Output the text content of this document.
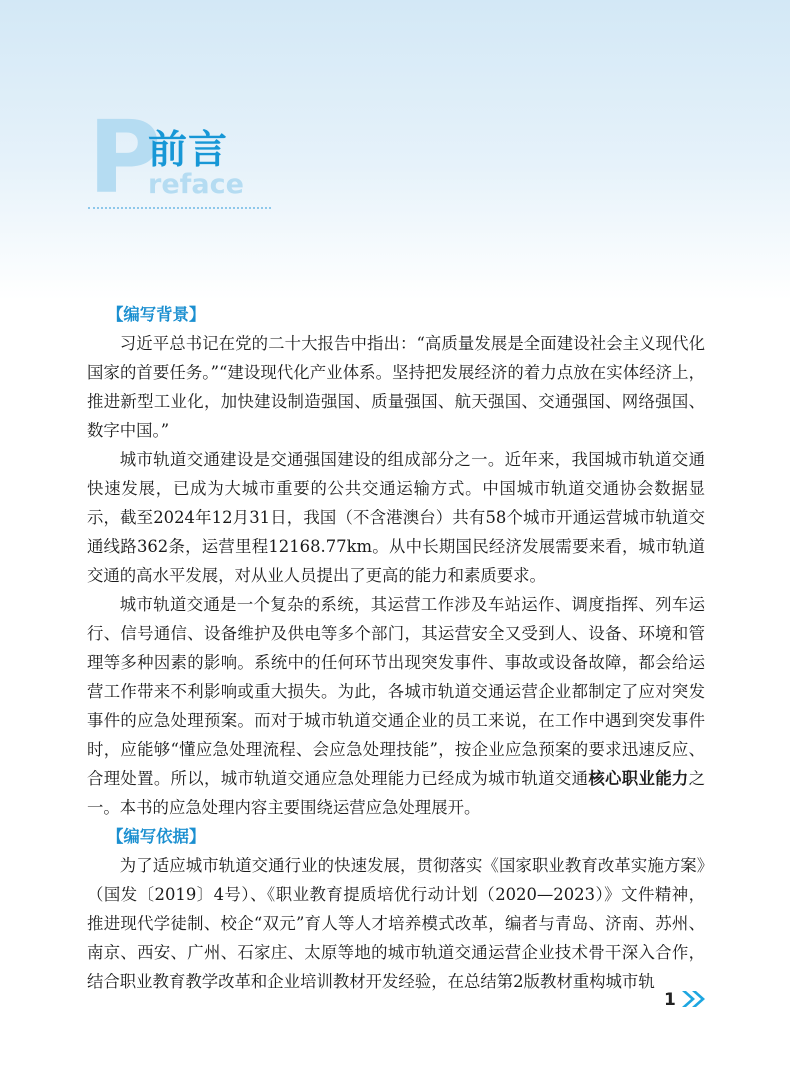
P
前言
reface
【编写背景】

习近平总书记在党的二十大报告中指出：“高质量发展是全面建设社会主义现代化国家的首要任务。”“建设现代化产业体系。坚持把发展经济的着力点放在实体经济上，推进新型工业化，加快建设制造强国、质量强国、航天强国、交通强国、网络强国、数字中国。”

城市轨道交通建设是交通强国建设的组成部分之一。近年来，我国城市轨道交通快速发展，已成为大城市重要的公共交通运输方式。中国城市轨道交通协会数据显示，截至2024年12月31日，我国（不含港澳台）共有58个城市开通运营城市轨道交通线路362条，运营里程12168.77km。从中长期国民经济发展需要来看，城市轨道交通的高水平发展，对从业人员提出了更高的能力和素质要求。

城市轨道交通是一个复杂的系统，其运营工作涉及车站运作、调度指挥、列车运行、信号通信、设备维护及供电等多个部门，其运营安全又受到人、设备、环境和管理等多种因素的影响。系统中的任何环节出现突发事件、事故或设备故障，都会给运营工作带来不利影响或重大损失。为此，各城市轨道交通运营企业都制定了应对突发事件的应急处理预案。而对于城市轨道交通企业的员工来说，在工作中遇到突发事件时，应能够“懂应急处理流程、会应急处理技能”，按企业应急预案的要求迅速反应、合理处置。所以，城市轨道交通应急处理能力已经成为城市轨道交通核心职业能力之一。本书的应急处理内容主要围绕运营应急处理展开。

【编写依据】

为了适应城市轨道交通行业的快速发展，贯彻落实《国家职业教育改革实施方案》（国发〔2019〕4号）、《职业教育提质培优行动计划（2020—2023）》文件精神，推进现代学徒制、校企“双元”育人等人才培养模式改革，编者与青岛、济南、苏州、南京、西安、广州、石家庄、太原等地的城市轨道交通运营企业技术骨干深入合作，结合职业教育教学改革和企业培训教材开发经验，在总结第2版教材重构城市轨

1
